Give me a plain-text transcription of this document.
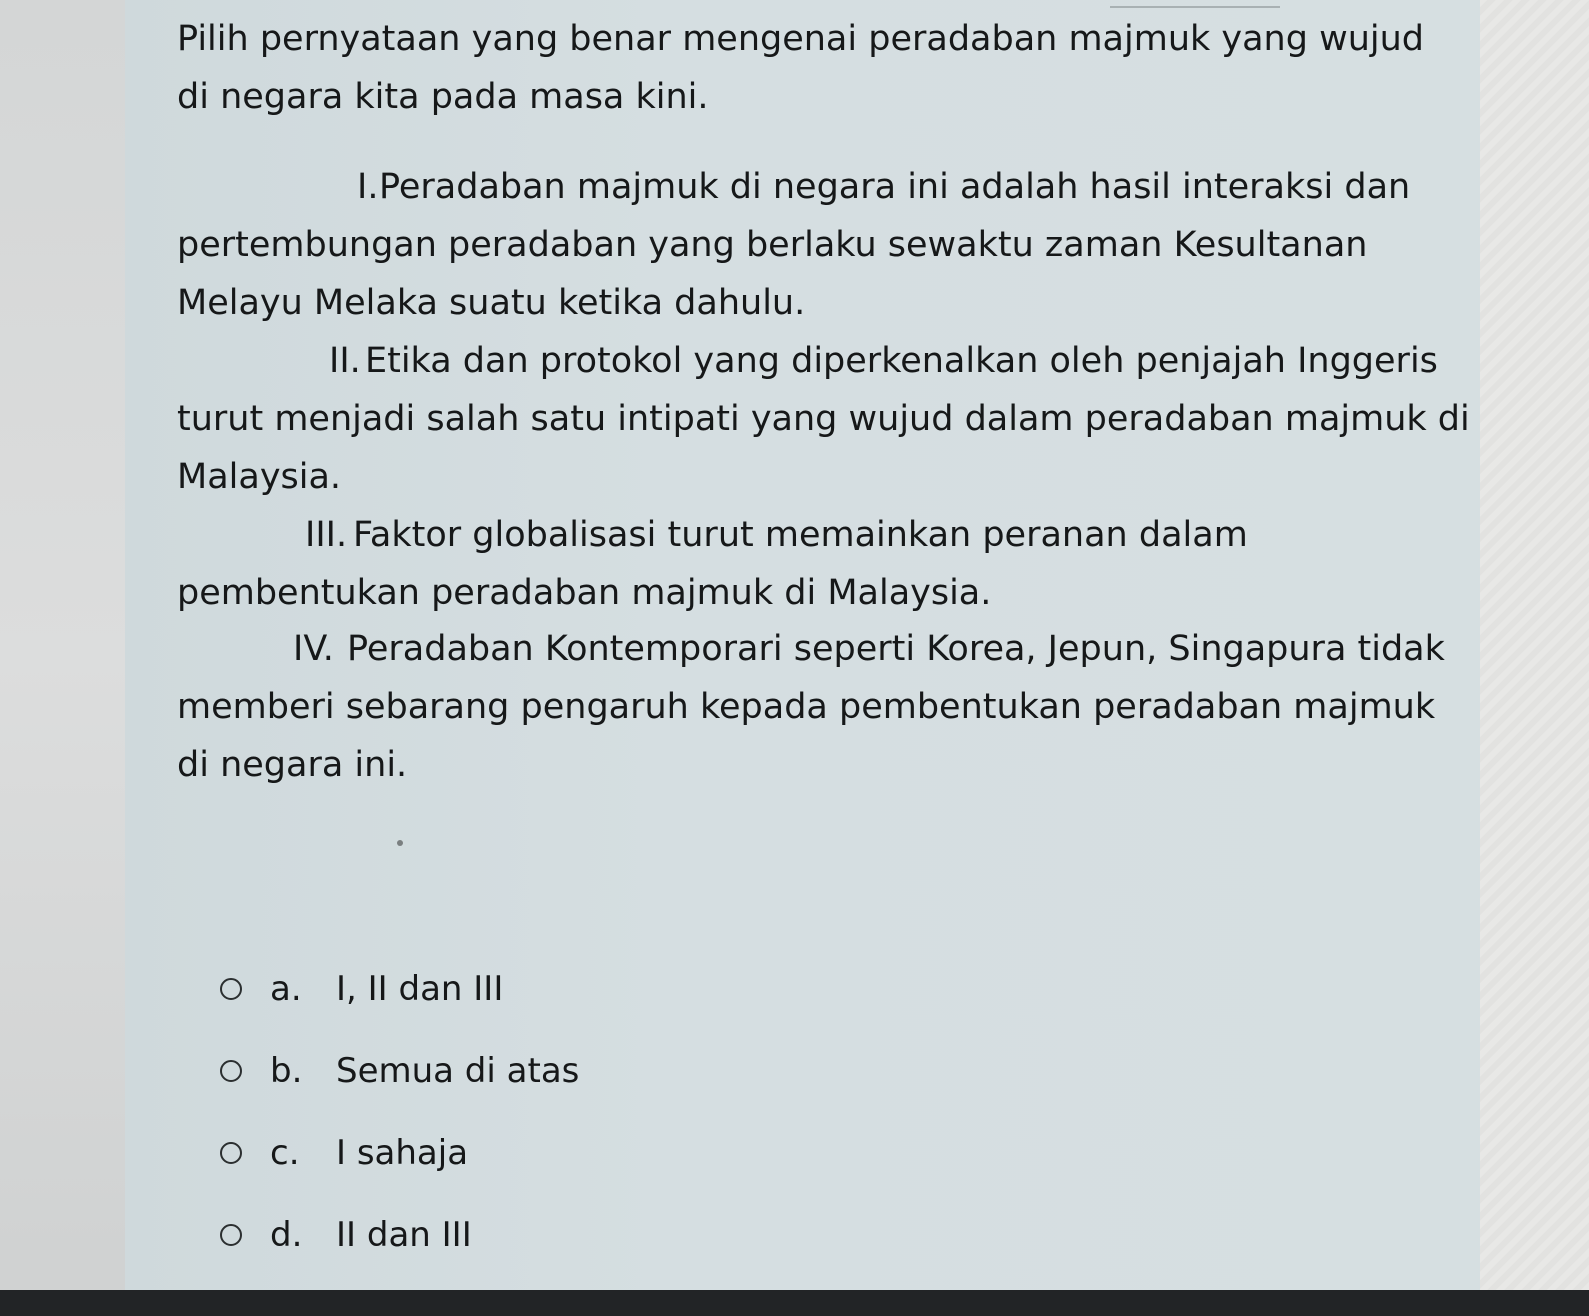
Pilih pernyataan yang benar mengenai peradaban majmuk yang wujud di negara kita pada masa kini.

I.Peradaban majmuk di negara ini adalah hasil interaksi dan pertembungan peradaban yang berlaku sewaktu zaman Kesultanan Melayu Melaka suatu ketika dahulu.
II. Etika dan protokol yang diperkenalkan oleh penjajah Inggeris turut menjadi salah satu intipati yang wujud dalam peradaban majmuk di Malaysia.
III. Faktor globalisasi turut memainkan peranan dalam pembentukan peradaban majmuk di Malaysia.
IV. Peradaban Kontemporari seperti Korea, Jepun, Singapura tidak memberi sebarang pengaruh kepada pembentukan peradaban majmuk di negara ini.
a.	I, II dan III
b. Semua di atas
c.	I sahaja
d. II dan III
